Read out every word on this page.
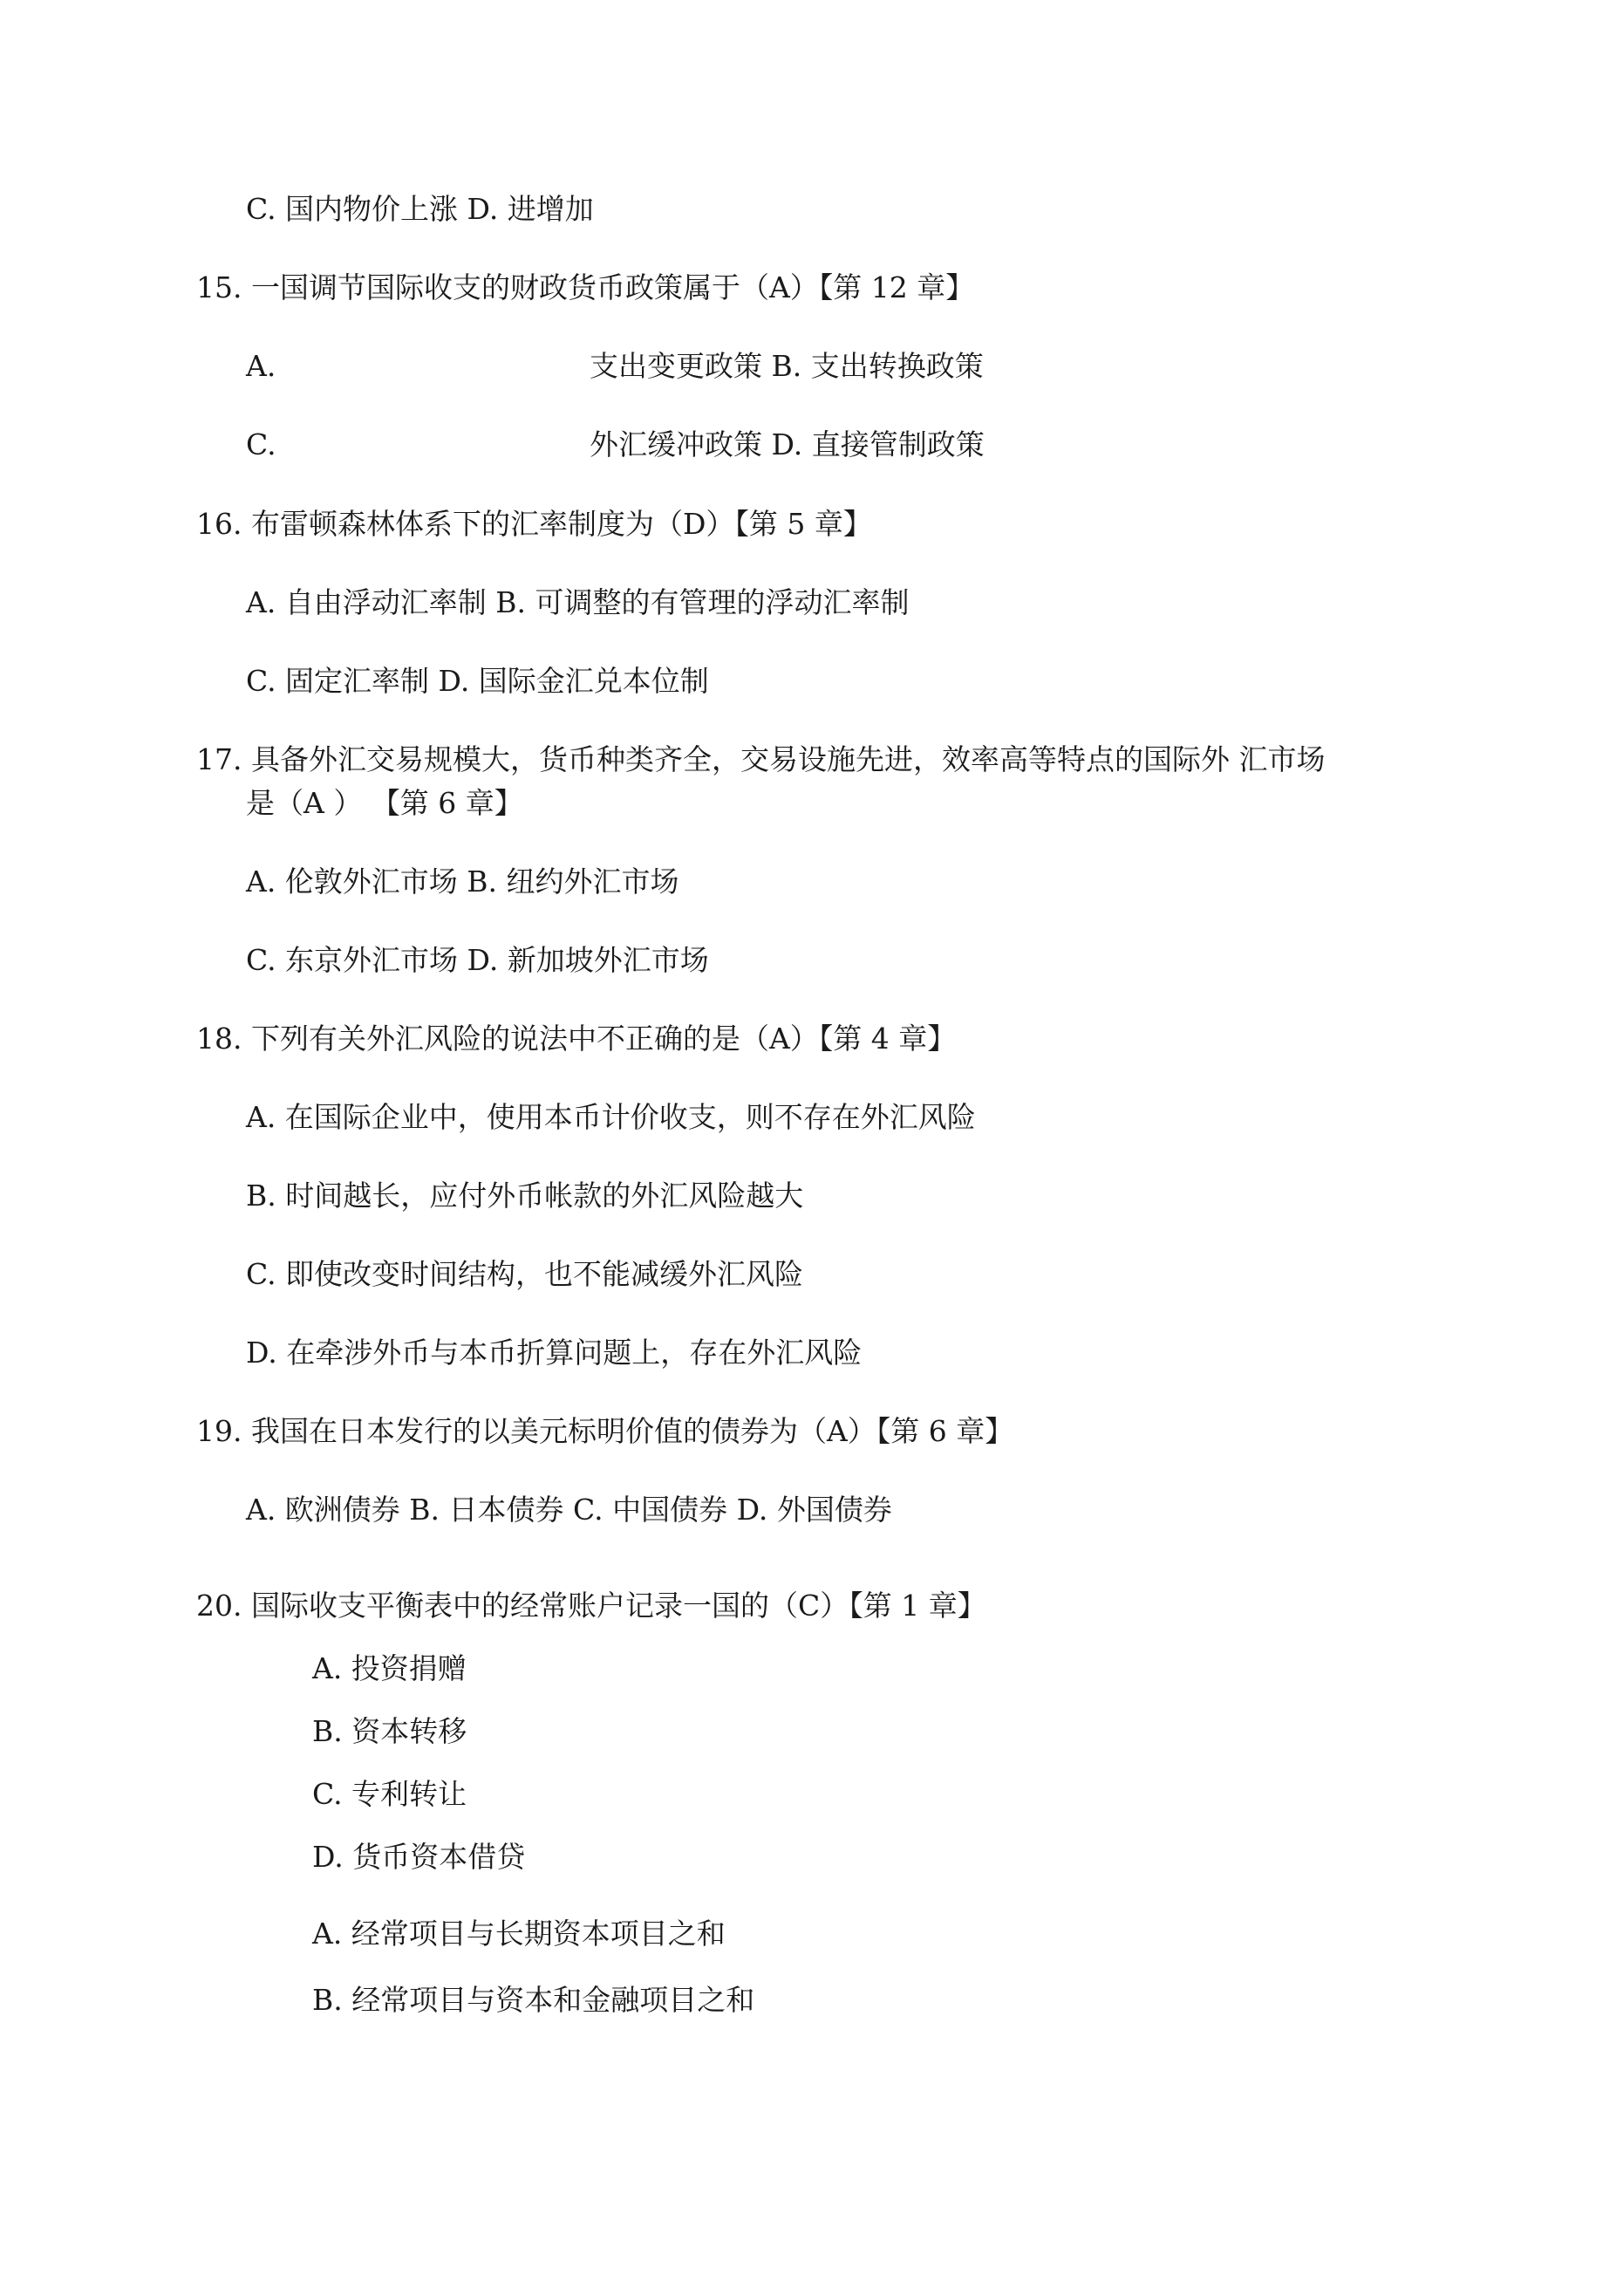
C. 国内物价上涨 D. 进增加
15. 一国调节国际收支的财政货币政策属于（A）【第 12 章】
A.	支出变更政策 B. 支出转换政策
C.	外汇缓冲政策 D. 直接管制政策
16. 布雷顿森林体系下的汇率制度为（D）【第 5 章】
A. 自由浮动汇率制 B. 可调整的有管理的浮动汇率制
C. 固定汇率制 D. 国际金汇兑本位制
17. 具备外汇交易规模大，货币种类齐全，交易设施先进，效率高等特点的国际外 汇市场
是（A ） 【第 6 章】
A. 伦敦外汇市场 B. 纽约外汇市场
C. 东京外汇市场 D. 新加坡外汇市场
18. 下列有关外汇风险的说法中不正确的是（A）【第 4 章】
A. 在国际企业中，使用本币计价收支，则不存在外汇风险
B. 时间越长，应付外币帐款的外汇风险越大
C. 即使改变时间结构，也不能减缓外汇风险
D. 在牵涉外币与本币折算问题上，存在外汇风险
19. 我国在日本发行的以美元标明价值的债券为（A）【第 6 章】
A. 欧洲债券 B. 日本债券 C. 中国债券 D. 外国债券
20. 国际收支平衡表中的经常账户记录一国的（C）【第 1 章】
A. 投资捐赠
B. 资本转移
C. 专利转让
D. 货币资本借贷
A. 经常项目与长期资本项目之和
B. 经常项目与资本和金融项目之和
